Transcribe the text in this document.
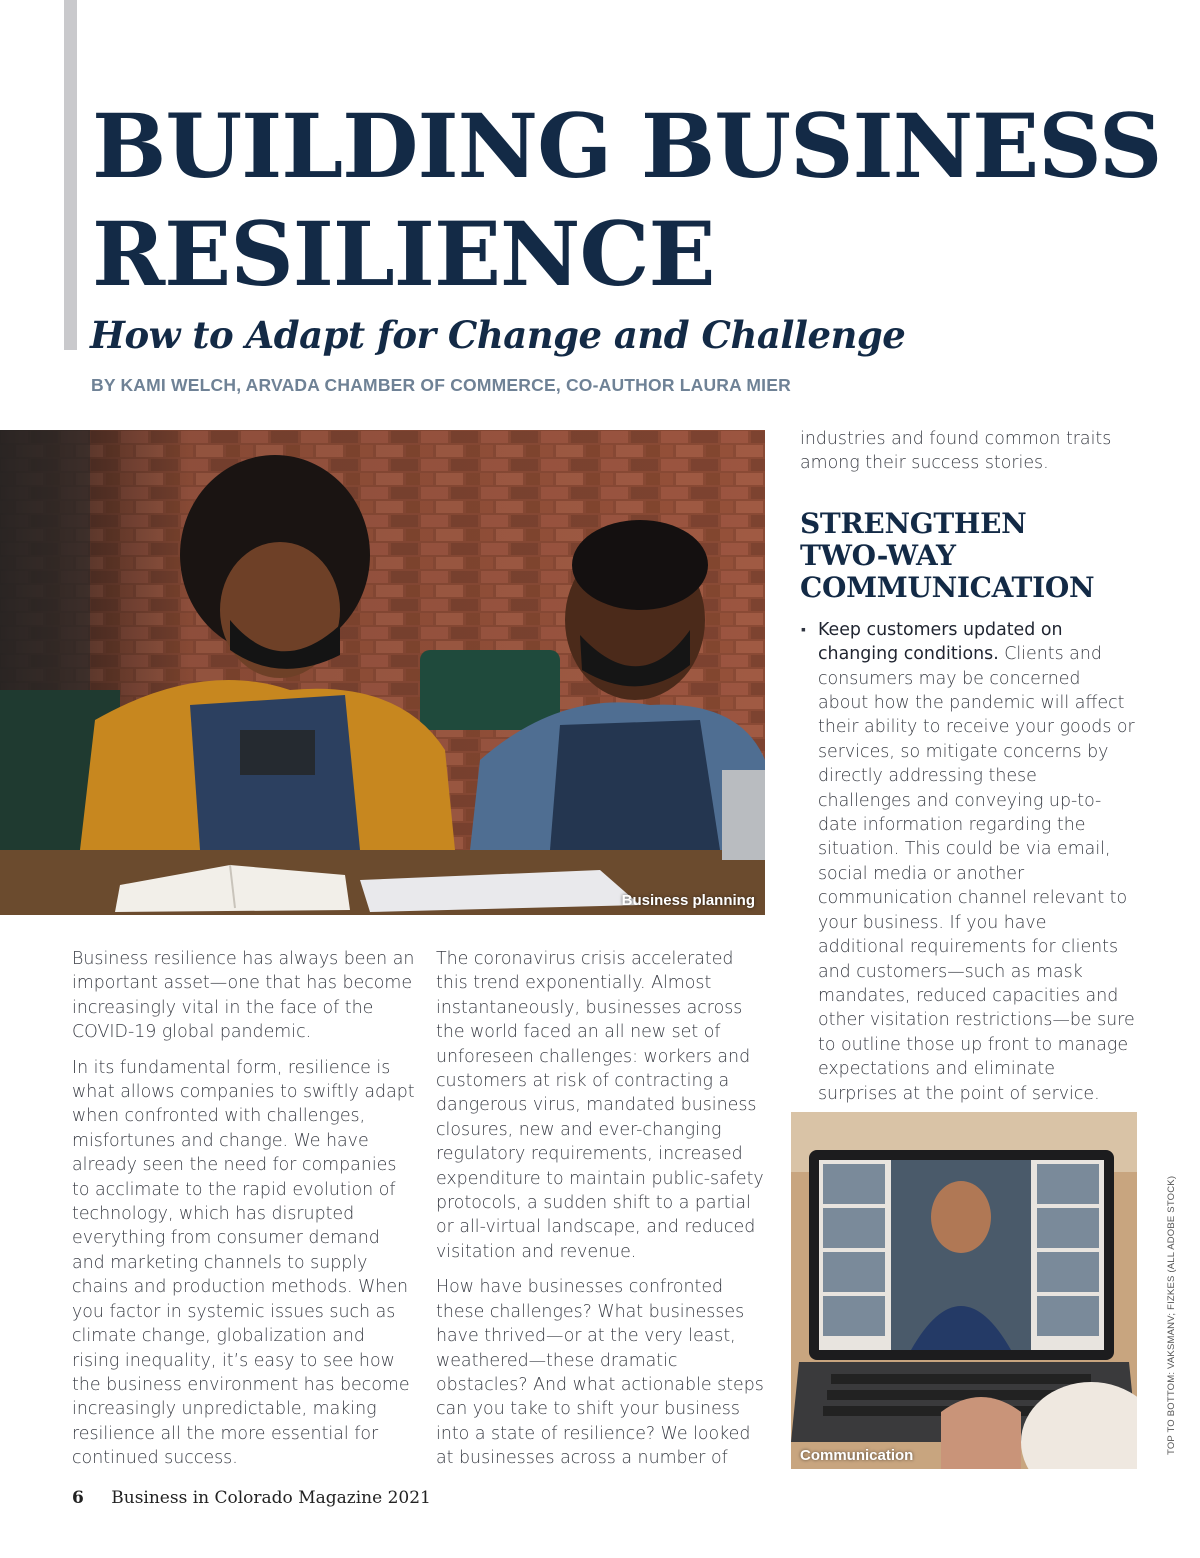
BUILDING BUSINESS
RESILIENCE
How to Adapt for Change and Challenge
BY KAMI WELCH, ARVADA CHAMBER OF COMMERCE, CO-AUTHOR LAURA MIER
Business planning
Communication
TOP TO BOTTOM: VAKSMANV; FIZKES (ALL ADOBE STOCK)

Business resilience has always been an important asset—one that has become increasingly vital in the face of the COVID-19 global pandemic.

In its fundamental form, resilience is what allows companies to swiftly adapt when confronted with challenges, misfortunes and change. We have already seen the need for companies to acclimate to the rapid evolution of technology, which has disrupted everything from consumer demand and marketing channels to supply chains and production methods. When you factor in systemic issues such as climate change, globalization and rising inequality, it’s easy to see how the business environment has become increasingly unpredictable, making resilience all the more essential for continued success.

The coronavirus crisis accelerated this trend exponentially. Almost instantaneously, businesses across the world faced an all new set of unforeseen challenges: workers and customers at risk of contracting a dangerous virus, mandated business closures, new and ever-changing regulatory requirements, increased expenditure to maintain public-safety protocols, a sudden shift to a partial or all-virtual landscape, and reduced visitation and revenue.

How have businesses confronted these challenges? What businesses have thrived—or at the very least, weathered—these dramatic obstacles? And what actionable steps can you take to shift your business into a state of resilience? We looked at businesses across a number of

industries and found common traits among their success stories.

STRENGTHEN
TWO-WAY
COMMUNICATION

▪ Keep customers updated on changing conditions. Clients and consumers may be concerned about how the pandemic will affect their ability to receive your goods or services, so mitigate concerns by directly addressing these challenges and conveying up-to-date information regarding the situation. This could be via email, social media or another communication channel relevant to your business. If you have additional requirements for clients and customers—such as mask mandates, reduced capacities and other visitation restrictions—be sure to outline those up front to manage expectations and eliminate surprises at the point of service.

6 Business in Colorado Magazine 2021
